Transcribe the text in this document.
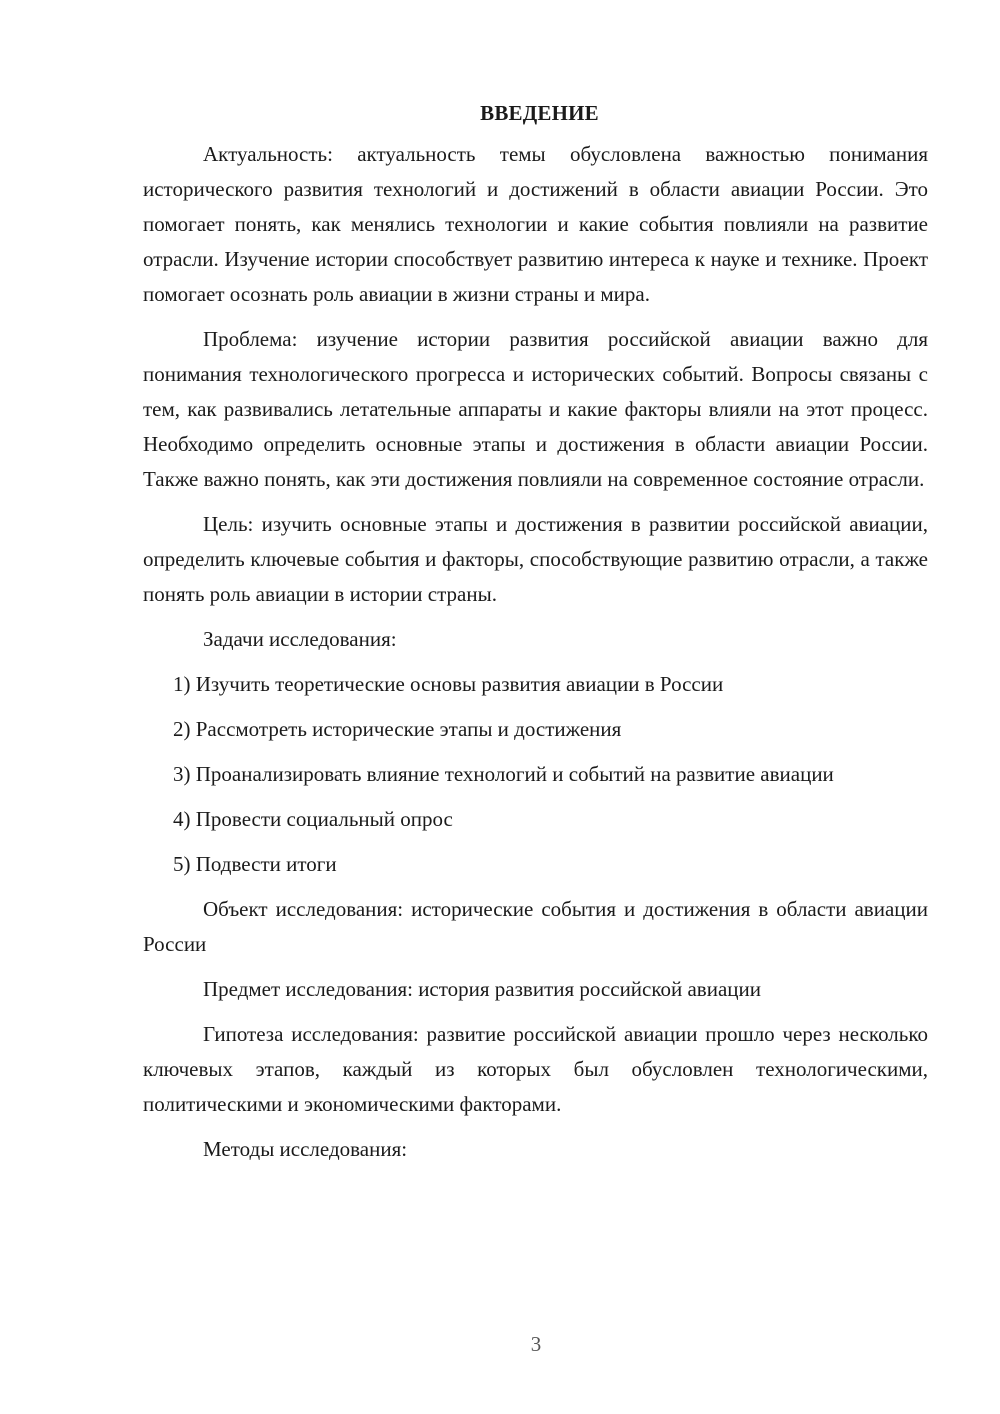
ВВЕДЕНИЕ

Актуальность: актуальность темы обусловлена важностью понимания исторического развития технологий и достижений в области авиации России. Это помогает понять, как менялись технологии и какие события повлияли на развитие отрасли. Изучение истории способствует развитию интереса к науке и технике. Проект помогает осознать роль авиации в жизни страны и мира.

Проблема: изучение истории развития российской авиации важно для понимания технологического прогресса и исторических событий. Вопросы связаны с тем, как развивались летательные аппараты и какие факторы влияли на этот процесс. Необходимо определить основные этапы и достижения в области авиации России. Также важно понять, как эти достижения повлияли на современное состояние отрасли.

Цель: изучить основные этапы и достижения в развитии российской авиации, определить ключевые события и факторы, способствующие развитию отрасли, а также понять роль авиации в истории страны.

Задачи исследования:

1) Изучить теоретические основы развития авиации в России

2) Рассмотреть исторические этапы и достижения

3) Проанализировать влияние технологий и событий на развитие авиации

4) Провести социальный опрос

5) Подвести итоги

Объект исследования: исторические события и достижения в области авиации России

Предмет исследования: история развития российской авиации

Гипотеза исследования: развитие российской авиации прошло через несколько ключевых этапов, каждый из которых был обусловлен технологическими, политическими и экономическими факторами.

Методы исследования:

3
